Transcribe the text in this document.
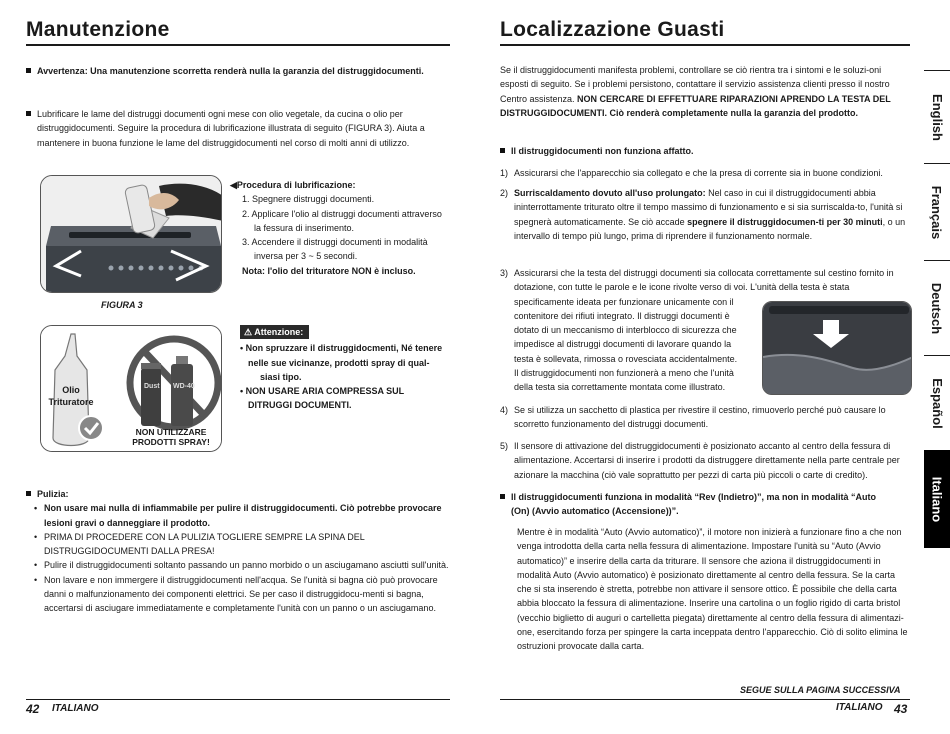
Manutenzione
Avvertenza: Una manutenzione scorretta renderà nulla la garanzia del distruggidocumenti.
Lubrificare le lame del distruggi documenti ogni mese con olio vegetale, da cucina o olio per distruggidocumenti. Seguire la procedura di lubrificazione illustrata di seguito (FIGURA 3). Aiuta a mantenere in buona funzione le lame del distruggidocumenti nel corso di molti anni di utilizzo.
◀Procedura di lubrificazione:
1. Spegnere distruggi documenti.
2. Applicare l'olio al distruggi documenti attraverso
la fessura di inserimento.
3. Accendere il distruggi documenti in modalità
inversa per 3 ~ 5 secondi.
Nota: l'olio del trituratore NON è incluso.
FIGURA 3
Dust WD-40
Olio
Trituratore
NON UTILIZZARE
PRODOTTI SPRAY!
⚠ Attenzione:
• Non spruzzare il distruggidocmenti, Né tenere
nelle sue vicinanze, prodotti spray di qual-
siasi tipo.
• NON USARE ARIA COMPRESSA SUL
DITRUGGI DOCUMENTI.
Pulizia:
• Non usare mai nulla di infiammabile per pulire il distruggidocumenti. Ciò potrebbe provocare lesioni gravi o danneggiare il prodotto.
• PRIMA DI PROCEDERE CON LA PULIZIA TOGLIERE SEMPRE LA SPINA DEL DISTRUGGIDOCUMENTI DALLA PRESA!
• Pulire il distruggidocumenti soltanto passando un panno morbido o un asciugamano asciutti sull'unità.
• Non lavare e non immergere il distruggidocumenti nell'acqua. Se l'unità si bagna ciò può provocare danni o malfunzionamento dei componenti elettrici. Se per caso il distruggidocu-menti si bagna, accertarsi di asciugare immediatamente e completamente l'unità con un panno o un asciugamano.
42 ITALIANO
Localizzazione Guasti
Se il distruggidocumenti manifesta problemi, controllare se ciò rientra tra i sintomi e le soluzi-oni esposti di seguito. Se i problemi persistono, contattare il servizio assistenza clienti presso il nostro Centro assistenza. NON CERCARE DI EFFETTUARE RIPARAZIONI APRENDO LA TESTA DEL DISTRUGGIDOCUMENTI. Ciò renderà completamente nulla la garanzia del prodotto.
Il distruggidocumenti non funziona affatto.
1) Assicurarsi che l'apparecchio sia collegato e che la presa di corrente sia in buone condizioni.
2) Surriscaldamento dovuto all'uso prolungato: Nel caso in cui il distruggidocumenti abbia ininterrottamente triturato oltre il tempo massimo di funzionamento e si sia surriscalda-to, l'unità si spegnerà automaticamente. Se ciò accade spegnere il distruggidocumen-ti per 30 minuti, o un intervallo di tempo più lungo, prima di riprendere il funzionamento normale.
3) Assicurarsi che la testa del distruggi documenti sia collocata correttamente sul cestino fornito in dotazione, con tutte le parole e le icone rivolte verso di voi. L'unità della testa è stata
specificamente ideata per funzionare unicamente con il
contenitore dei rifiuti integrato. Il distruggi documenti è
dotato di un meccanismo di interblocco di sicurezza che
impedisce al distruggi documenti di lavorare quando la
testa è sollevata, rimossa o rovesciata accidentalmente.
Il distruggidocumenti non funzionerà a meno che l'unità
della testa sia correttamente montata come illustrato.
4) Se si utilizza un sacchetto di plastica per rivestire il cestino, rimuoverlo perché può causare lo scorretto funzionamento del distruggi documenti.
5) Il sensore di attivazione del distruggidocumenti è posizionato accanto al centro della fessura di alimentazione. Accertarsi di inserire i prodotti da distruggere direttamente nella parte centrale per azionare la macchina (ciò vale soprattutto per pezzi di carta più piccoli o carte di credito).
Il distruggidocumenti funziona in modalità “Rev (Indietro)”, ma non in modalità “Auto (On) (Avvio automatico (Accensione))”.
Mentre è in modalità “Auto (Avvio automatico)”, il motore non inizierà a funzionare fino a che non venga introdotta della carta nella fessura di alimentazione. Impostare l'unità su “Auto (Avvio automatico)” e inserire della carta da triturare. Il sensore che aziona il distruggidocumenti in modalità Auto (Avvio automatico) è posizionato direttamente al centro della fessura. Se la carta che si sta inserendo è stretta, potrebbe non attivare il sensore ottico. È possibile che della carta abbia bloccato la fessura di alimentazione. Inserire una cartolina o un foglio rigido di carta bristol (vecchio biglietto di auguri o cartelletta piegata) direttamente al centro della fessura di alimentazi-one, esercitando forza per spingere la carta inceppata dentro l'apparecchio. Ciò di solito elimina le ostruzioni provocate dalla carta.
SEGUE SULLA PAGINA SUCCESSIVA
ITALIANO 43
English
Français
Deutsch
Español
Italiano
